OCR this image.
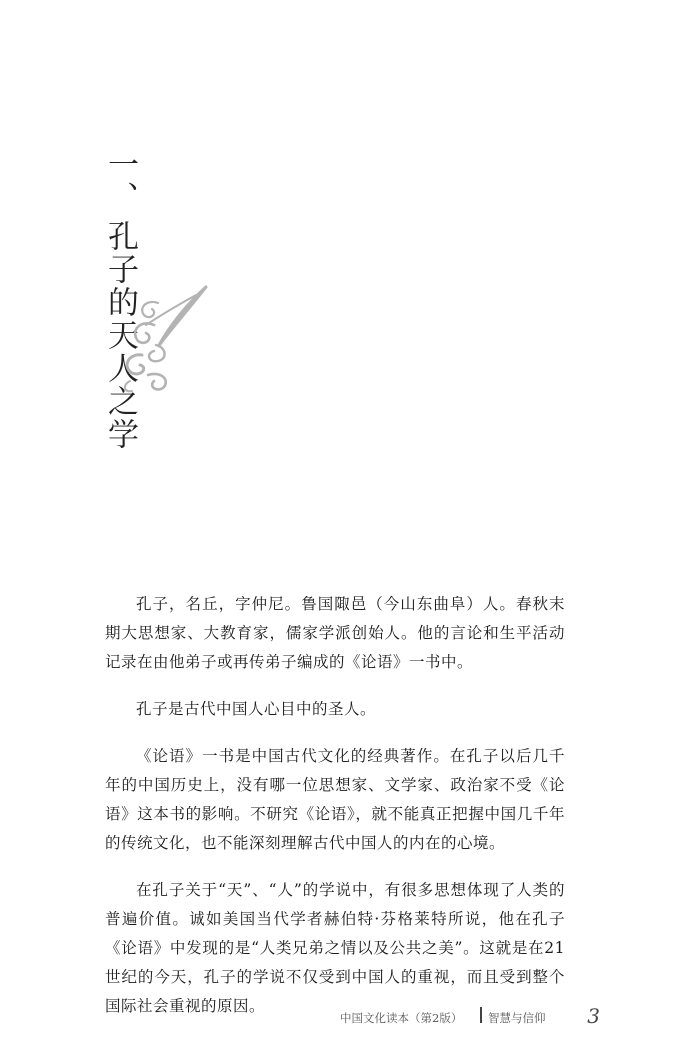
一、孔子的天人之学

孔子，名丘，字仲尼。鲁国陬邑（今山东曲阜）人。春秋末期大思想家、大教育家，儒家学派创始人。他的言论和生平活动记录在由他弟子或再传弟子编成的《论语》一书中。

孔子是古代中国人心目中的圣人。

《论语》一书是中国古代文化的经典著作。在孔子以后几千年的中国历史上，没有哪一位思想家、文学家、政治家不受《论语》这本书的影响。不研究《论语》，就不能真正把握中国几千年的传统文化，也不能深刻理解古代中国人的内在的心境。

在孔子关于“天”、“人”的学说中，有很多思想体现了人类的普遍价值。诚如美国当代学者赫伯特·芬格莱特所说，他在孔子《论语》中发现的是“人类兄弟之情以及公共之美”。这就是在21世纪的今天，孔子的学说不仅受到中国人的重视，而且受到整个国际社会重视的原因。

中国文化读本（第2版） 智慧与信仰 3
